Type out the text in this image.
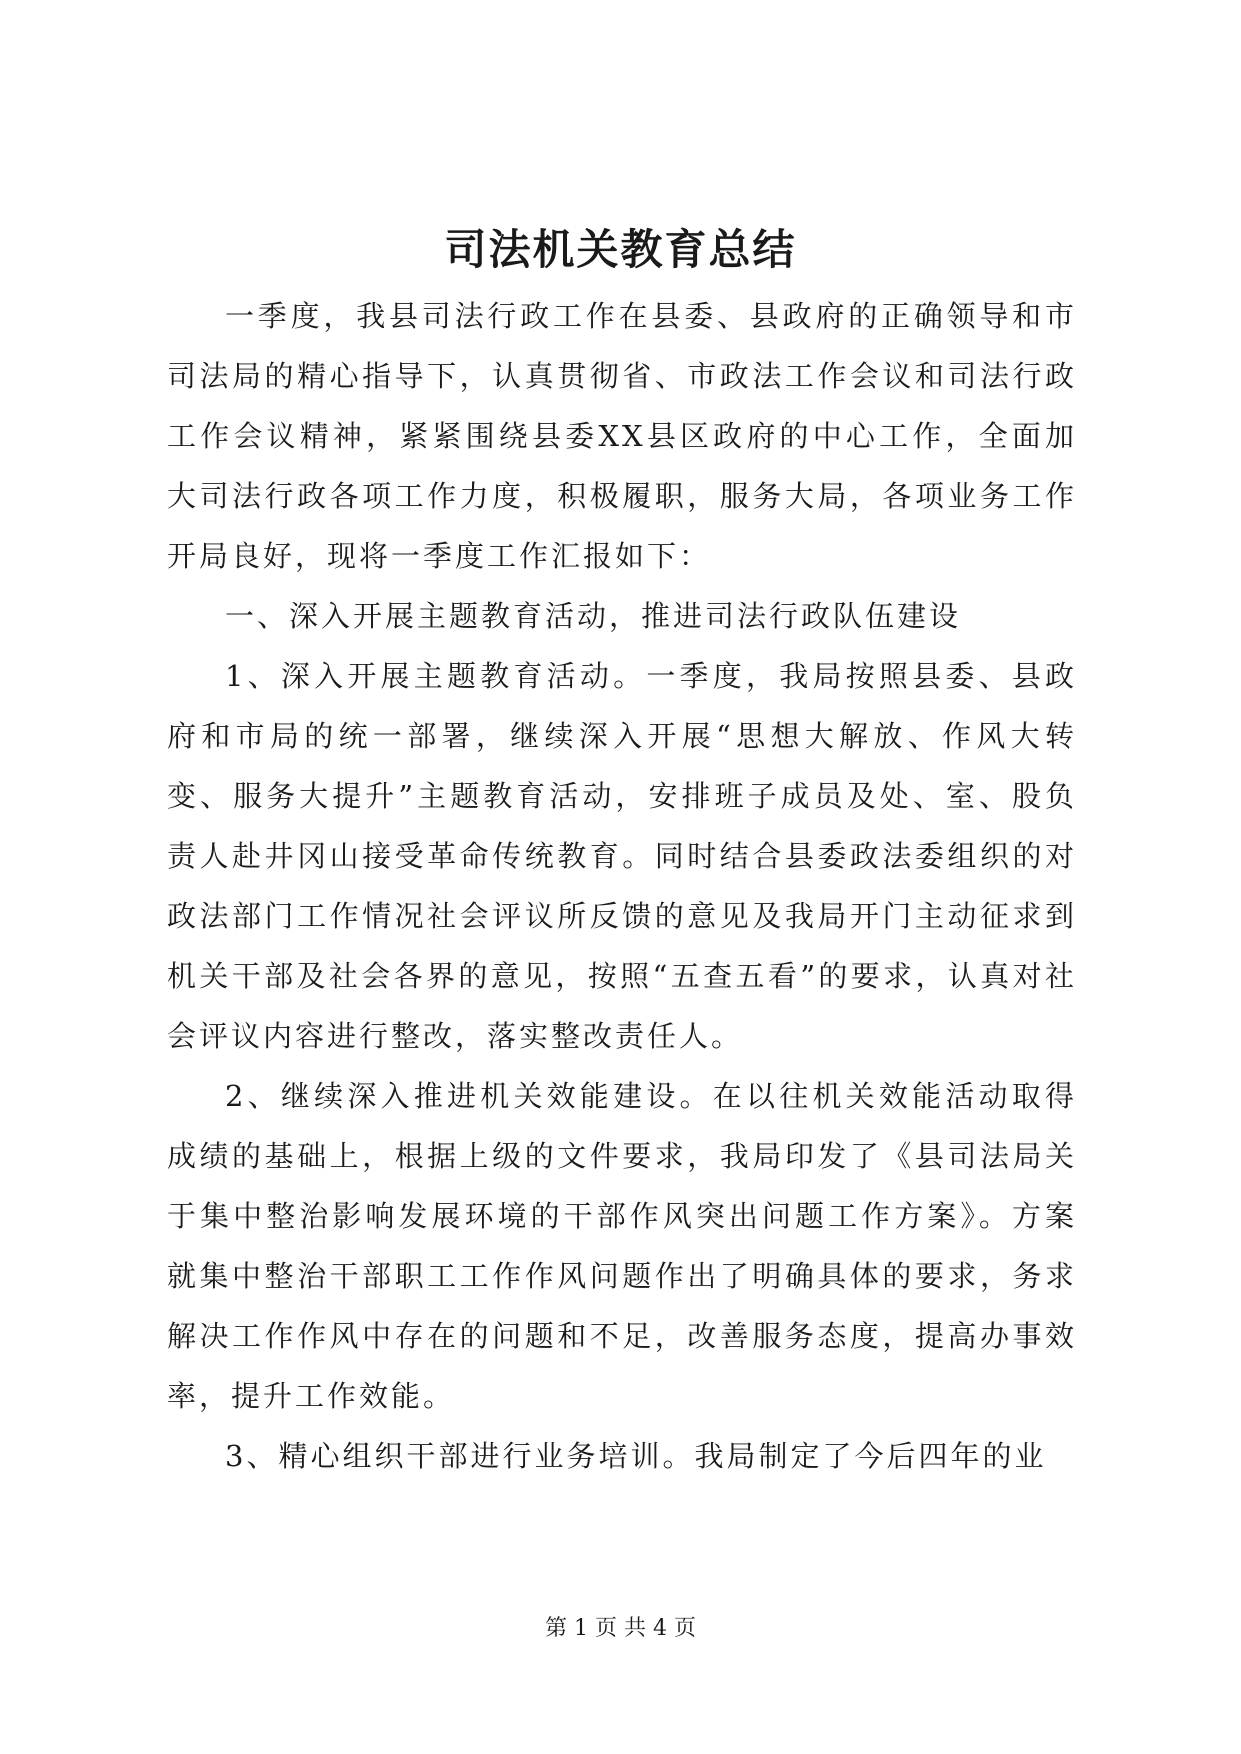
司法机关教育总结

一季度，我县司法行政工作在县委、县政府的正确领导和市司法局的精心指导下，认真贯彻省、市政法工作会议和司法行政工作会议精神，紧紧围绕县委XX县区政府的中心工作，全面加大司法行政各项工作力度，积极履职，服务大局，各项业务工作开局良好，现将一季度工作汇报如下：

一、深入开展主题教育活动，推进司法行政队伍建设

1、深入开展主题教育活动。一季度，我局按照县委、县政府和市局的统一部署，继续深入开展“思想大解放、作风大转变、服务大提升”主题教育活动，安排班子成员及处、室、股负责人赴井冈山接受革命传统教育。同时结合县委政法委组织的对政法部门工作情况社会评议所反馈的意见及我局开门主动征求到机关干部及社会各界的意见，按照“五查五看”的要求，认真对社会评议内容进行整改，落实整改责任人。

2、继续深入推进机关效能建设。在以往机关效能活动取得成绩的基础上，根据上级的文件要求，我局印发了《县司法局关于集中整治影响发展环境的干部作风突出问题工作方案》。方案就集中整治干部职工工作作风问题作出了明确具体的要求，务求解决工作作风中存在的问题和不足，改善服务态度，提高办事效率，提升工作效能。

3、精心组织干部进行业务培训。我局制定了今后四年的业

第 1 页 共 4 页
